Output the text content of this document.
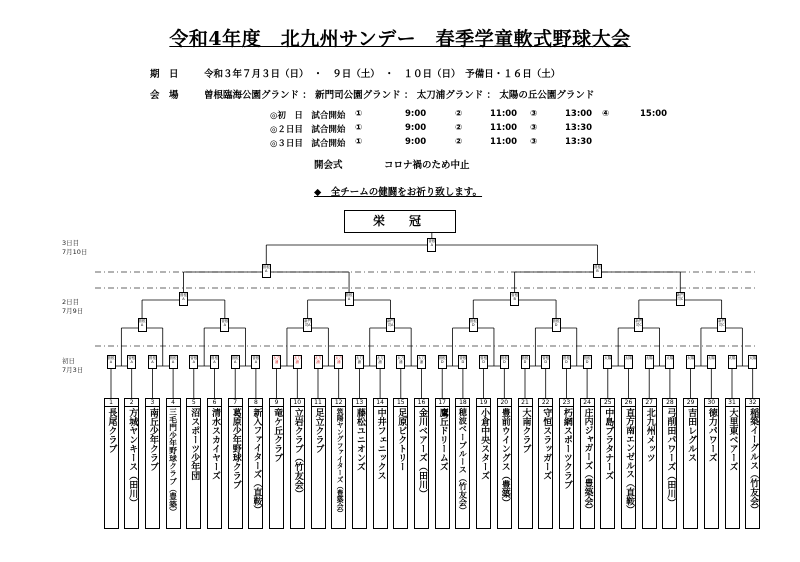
令和4年度　北九州サンデー　春季学童軟式野球大会
期　日	令和３年７月３日（日）　・　９日（土）　・　１０日（日）　予備日・１６日（土）
会　場	曽根臨海公園グランド ： 新門司公園グランド ： 太刀浦グランド ： 太陽の丘公園グランド
◎初　日　試合開始 ①	9:00	②	11:00 ③	13:00 ④	15:00
◎２日目　試合開始 ①	9:00	②	11:00 ③	13:30
◎３日目　試合開始 ①	9:00	②	11:00 ③	13:30
開会式	コロナ禍のため中止
◆　全チームの健闘をお祈り致します。
栄　冠
3日目
7月10日
2日目
7月9日
初日
7月3日
曽根A
曽根A
曽根A
曽根A
曽根A
曽根A
曽根A
曽根A
太刀浦
太刀浦
太刀浦
太刀浦
太刀浦
太刀浦
太刀浦
太刀浦
曽根D
曽根D
曽根D
曽根D
曽根D
曽根D
曽根D
曽根D
太陽	太陽	太陽	太陽	太陽	太陽	太陽	太陽
曽根A
曽根A
新門司A
新門司A
曽根D
曽根D
新門司C
新門司C
曽根A
曽根A
曽根A
曽根B
新門司C
曽根A
曽根B
1
長尾クラブ
2
方城ヤンキース（田川）
3
南丘少年クラブ
4
三毛門少年野球クラブ（豊築）
5
沼スポーツ少年団
6
清水スカイヤーズ
7
葛原少年野球クラブ
8
新入ファイターズ（直鞍）
9
竜ケ丘クラブ
10
立岩クラブ（竹友会）
11
足立クラブ
12
筑陽ヤングファイターズ（豊築会）
13
藤松ユニオンズ
14
中井フェニックス
15
足原ビクトリー
16
金川ベアーズ（田川）
17
鷹丘ドリームズ
18
穂波ベーブルース（竹友会）
19
小倉中央スターズ
20
豊前ウイングス（豊築）
21
大南クラブ
22
守恒スラッガーズ
23
朽網スポーツクラブ
24
庄内ジャガーズ（豊築会）
25
中島ブラタナーズ
26
直方南エンゼルス（直鞍）
27
北九州メッツ
28
弓削田パワーズ（田川）
29
吉田レグルス
30
徳力パワーズ
31
大里東ベアーズ
32
稲築イーグルス（竹友会）
